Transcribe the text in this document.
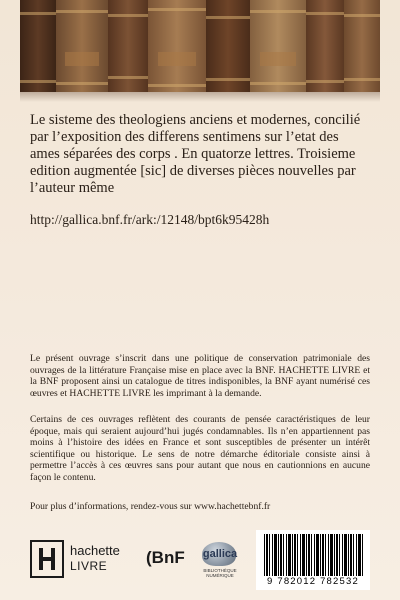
Le sisteme des theologiens anciens et modernes, concilié par l’exposition des differens sentimens sur l’etat des ames séparées des corps . En quatorze lettres. Troisieme edition augmentée [sic] de diverses pièces nouvelles par l’auteur même

http://gallica.bnf.fr/ark:/12148/bpt6k95428h

Le présent ouvrage s’inscrit dans une politique de conservation patrimoniale des ouvrages de la littérature Française mise en place avec la BNF. HACHETTE LIVRE et la BNF proposent ainsi un catalogue de titres indisponibles, la BNF ayant numérisé ces œuvres et HACHETTE LIVRE les imprimant à la demande.

Certains de ces ouvrages reflètent des courants de pensée caractéristiques de leur époque, mais qui seraient aujourd’hui jugés condamnables. Ils n’en appartiennent pas moins à l’histoire des idées en France et sont susceptibles de présenter un intérêt scientifique ou historique. Le sens de notre démarche éditoriale consiste ainsi à permettre l’accès à ces œuvres sans pour autant que nous en cautionnions en aucune façon le contenu.

Pour plus d’informations, rendez-vous sur www.hachettebnf.fr

hachette
LIVRE (BnF	gallica
BIBLIOTHÈQUE NUMÉRIQUE
9 782012 782532
